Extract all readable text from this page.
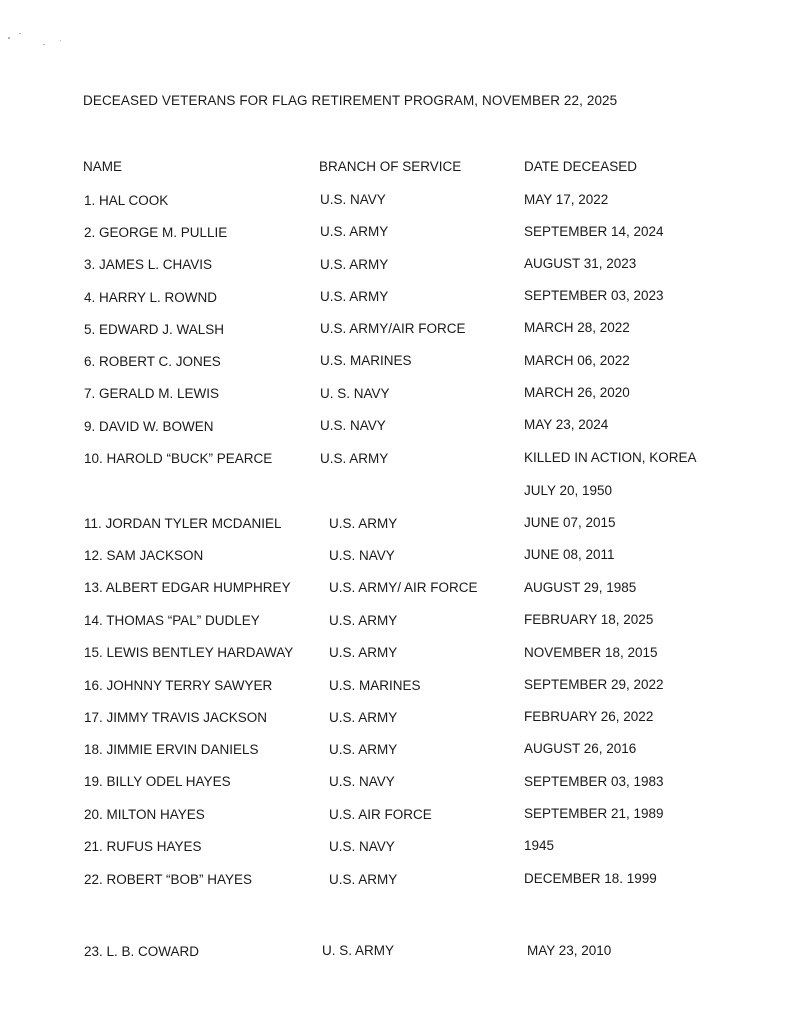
DECEASED VETERANS FOR FLAG RETIREMENT PROGRAM, NOVEMBER 22, 2025
NAME	BRANCH OF SERVICE	DATE DECEASED
1. HAL COOK	U.S. NAVY	MAY 17, 2022
2. GEORGE M. PULLIE	U.S. ARMY	SEPTEMBER 14, 2024
3. JAMES L. CHAVIS	U.S. ARMY	AUGUST 31, 2023
4. HARRY L. ROWND	U.S. ARMY	SEPTEMBER 03, 2023
5. EDWARD J. WALSH	U.S. ARMY/AIR FORCE	MARCH 28, 2022
6. ROBERT C. JONES	U.S. MARINES	MARCH 06, 2022
7. GERALD M. LEWIS	U. S. NAVY	MARCH 26, 2020
9. DAVID W. BOWEN	U.S. NAVY	MAY 23, 2024
10. HAROLD “BUCK” PEARCE	U.S. ARMY	KILLED IN ACTION, KOREA
JULY 20, 1950
11. JORDAN TYLER MCDANIEL	U.S. ARMY	JUNE 07, 2015
12. SAM JACKSON	U.S. NAVY	JUNE 08, 2011
13. ALBERT EDGAR HUMPHREY	U.S. ARMY/ AIR FORCE	AUGUST 29, 1985
14. THOMAS “PAL” DUDLEY	U.S. ARMY	FEBRUARY 18, 2025
15. LEWIS BENTLEY HARDAWAY	U.S. ARMY	NOVEMBER 18, 2015
16. JOHNNY TERRY SAWYER	U.S. MARINES	SEPTEMBER 29, 2022
17. JIMMY TRAVIS JACKSON	U.S. ARMY	FEBRUARY 26, 2022
18. JIMMIE ERVIN DANIELS	U.S. ARMY	AUGUST 26, 2016
19. BILLY ODEL HAYES	U.S. NAVY	SEPTEMBER 03, 1983
20. MILTON HAYES	U.S. AIR FORCE	SEPTEMBER 21, 1989
21. RUFUS HAYES	U.S. NAVY	1945
22. ROBERT “BOB” HAYES	U.S. ARMY	DECEMBER 18. 1999
23. L. B. COWARD	U. S. ARMY	MAY 23, 2010
